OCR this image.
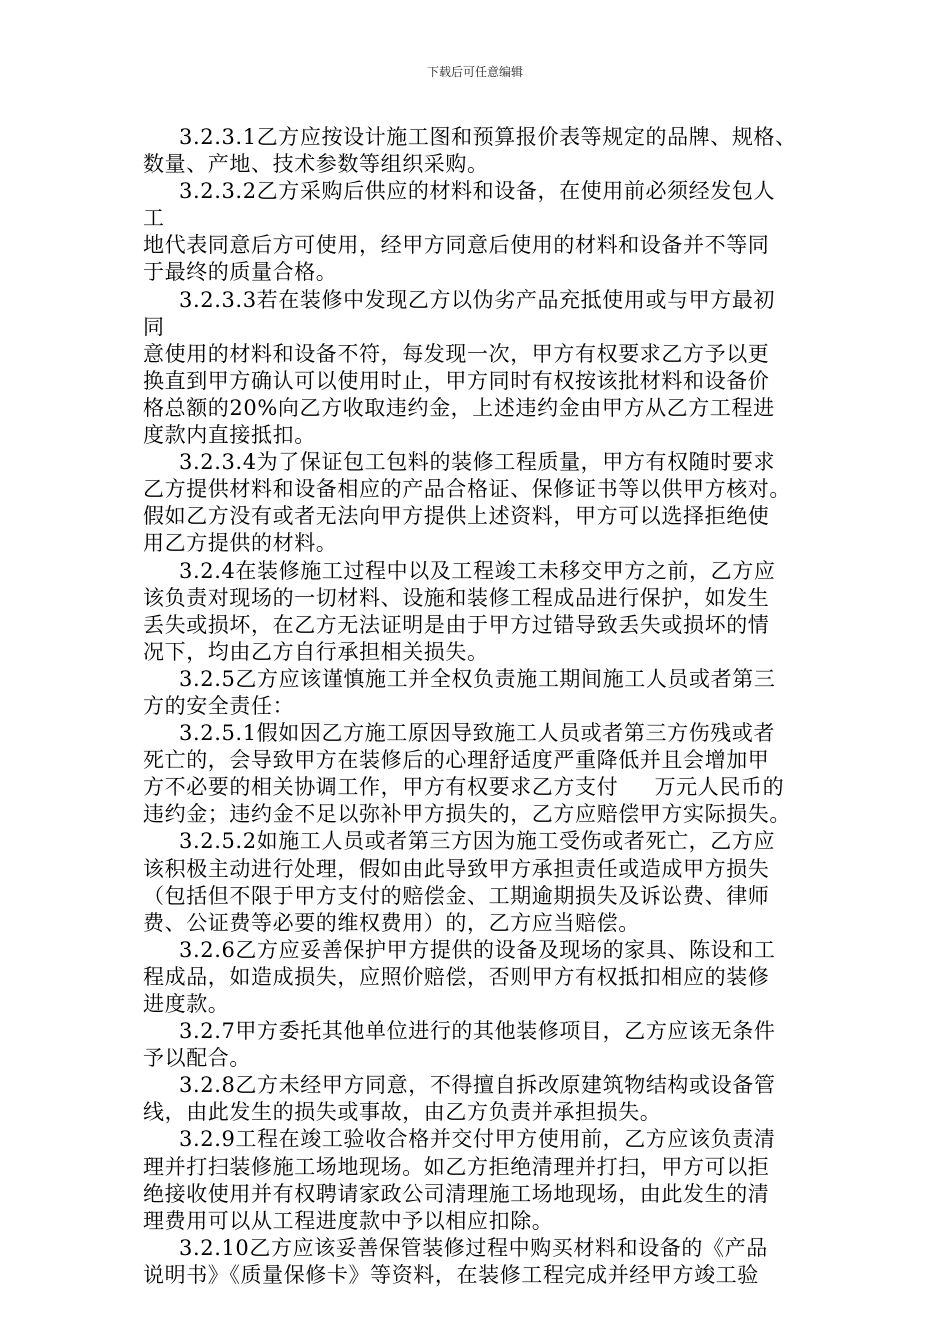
下载后可任意编辑
3.2.3.1乙方应按设计施工图和预算报价表等规定的品牌、规格、
数量、产地、技术参数等组织采购。
3.2.3.2乙方采购后供应的材料和设备，在使用前必须经发包人
工
地代表同意后方可使用，经甲方同意后使用的材料和设备并不等同
于最终的质量合格。
3.2.3.3若在装修中发现乙方以伪劣产品充抵使用或与甲方最初
同
意使用的材料和设备不符，每发现一次，甲方有权要求乙方予以更
换直到甲方确认可以使用时止，甲方同时有权按该批材料和设备价
格总额的20%向乙方收取违约金，上述违约金由甲方从乙方工程进
度款内直接抵扣。
3.2.3.4为了保证包工包料的装修工程质量，甲方有权随时要求
乙方提供材料和设备相应的产品合格证、保修证书等以供甲方核对。
假如乙方没有或者无法向甲方提供上述资料，甲方可以选择拒绝使
用乙方提供的材料。
3.2.4在装修施工过程中以及工程竣工未移交甲方之前，乙方应
该负责对现场的一切材料、设施和装修工程成品进行保护，如发生
丢失或损坏，在乙方无法证明是由于甲方过错导致丢失或损坏的情
况下，均由乙方自行承担相关损失。
3.2.5乙方应该谨慎施工并全权负责施工期间施工人员或者第三
方的安全责任：
3.2.5.1假如因乙方施工原因导致施工人员或者第三方伤残或者
死亡的，会导致甲方在装修后的心理舒适度严重降低并且会增加甲
方不必要的相关协调工作，甲方有权要求乙方支付     万元人民币的
违约金；违约金不足以弥补甲方损失的，乙方应赔偿甲方实际损失。
3.2.5.2如施工人员或者第三方因为施工受伤或者死亡，乙方应
该积极主动进行处理，假如由此导致甲方承担责任或造成甲方损失
（包括但不限于甲方支付的赔偿金、工期逾期损失及诉讼费、律师
费、公证费等必要的维权费用）的，乙方应当赔偿。
3.2.6乙方应妥善保护甲方提供的设备及现场的家具、陈设和工
程成品，如造成损失，应照价赔偿，否则甲方有权抵扣相应的装修
进度款。
3.2.7甲方委托其他单位进行的其他装修项目，乙方应该无条件
予以配合。
3.2.8乙方未经甲方同意，不得擅自拆改原建筑物结构或设备管
线，由此发生的损失或事故，由乙方负责并承担损失。
3.2.9工程在竣工验收合格并交付甲方使用前，乙方应该负责清
理并打扫装修施工场地现场。如乙方拒绝清理并打扫，甲方可以拒
绝接收使用并有权聘请家政公司清理施工场地现场，由此发生的清
理费用可以从工程进度款中予以相应扣除。
3.2.10乙方应该妥善保管装修过程中购买材料和设备的《产品
说明书》《质量保修卡》等资料，在装修工程完成并经甲方竣工验
